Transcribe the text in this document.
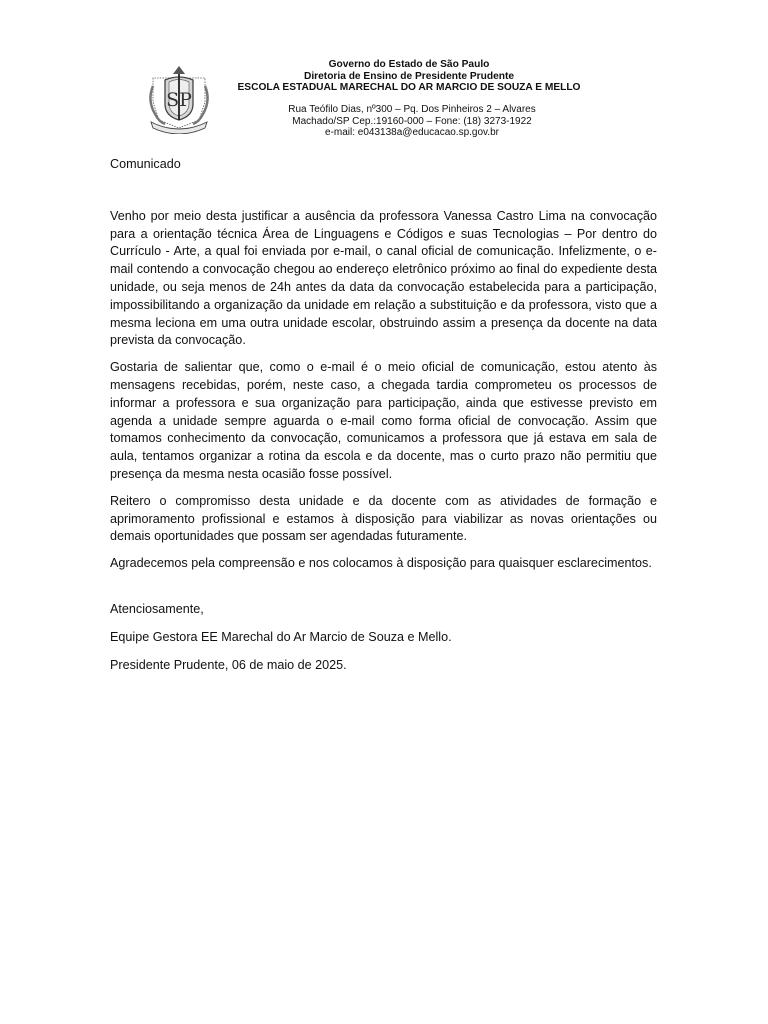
SP
Governo do Estado de São Paulo
Diretoria de Ensino de Presidente Prudente
ESCOLA ESTADUAL MARECHAL DO AR MARCIO DE SOUZA E MELLO
Rua Teófilo Dias, nº300 – Pq. Dos Pinheiros 2 – Alvares
Machado/SP Cep.:19160-000 – Fone: (18) 3273-1922
e-mail: e043138a@educacao.sp.gov.br

Comunicado

Venho por meio desta justificar a ausência da professora Vanessa Castro Lima na convocação para a orientação técnica Área de Linguagens e Códigos e suas Tecnologias – Por dentro do Currículo - Arte, a qual foi enviada por e-mail, o canal oficial de comunicação. Infelizmente, o e-mail contendo a convocação chegou ao endereço eletrônico próximo ao final do expediente desta unidade, ou seja menos de 24h antes da data da convocação estabelecida para a participação, impossibilitando a organização da unidade em relação a substituição e da professora, visto que a mesma leciona em uma outra unidade escolar, obstruindo assim a presença da docente na data prevista da convocação.

Gostaria de salientar que, como o e-mail é o meio oficial de comunicação, estou atento às mensagens recebidas, porém, neste caso, a chegada tardia comprometeu os processos de informar a professora e sua organização para participação, ainda que estivesse previsto em agenda a unidade sempre aguarda o e-mail como forma oficial de convocação. Assim que tomamos conhecimento da convocação, comunicamos a professora que já estava em sala de aula, tentamos organizar a rotina da escola e da docente, mas o curto prazo não permitiu que presença da mesma nesta ocasião fosse possível.

Reitero o compromisso desta unidade e da docente com as atividades de formação e aprimoramento profissional e estamos à disposição para viabilizar as novas orientações ou demais oportunidades que possam ser agendadas futuramente.

Agradecemos pela compreensão e nos colocamos à disposição para quaisquer esclarecimentos.

Atenciosamente,

Equipe Gestora EE Marechal do Ar Marcio de Souza e Mello.

Presidente Prudente, 06 de maio de 2025.
